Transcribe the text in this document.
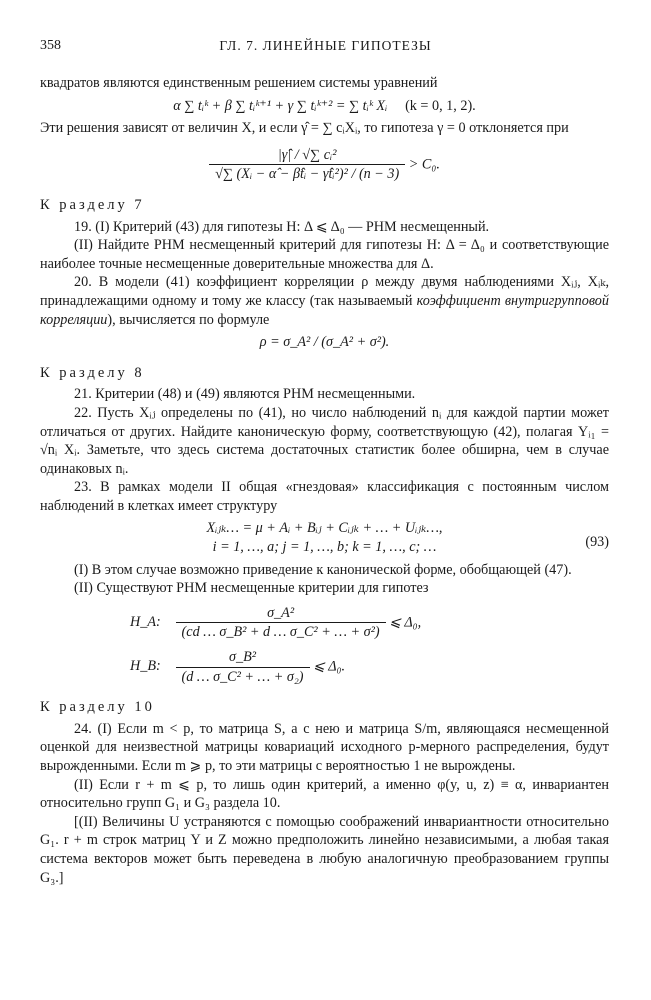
358	ГЛ. 7. ЛИНЕЙНЫЕ ГИПОТЕЗЫ

квадратов являются единственным решением системы уравнений

α ∑ tᵢᵏ + β ∑ tᵢᵏ⁺¹ + γ ∑ tᵢᵏ⁺² = ∑ tᵢᵏ Xᵢ (k = 0, 1, 2).

Эти решения зависят от величин X, и если γ̂ = ∑ cᵢXᵢ, то гипотеза γ = 0 отклоняется при

$\frac{\text{|γ̂| / √∑ cᵢ²}}{\text{√∑ (Xᵢ − α̂ − β̂tᵢ − γ̂tᵢ²)² / (n − 3)}} > C_0$.
К разделу 7

19. (I) Критерий (43) для гипотезы H: Δ ⩽ Δ₀ — РНМ несмещенный.

(II) Найдите РНМ несмещенный критерий для гипотезы H: Δ = Δ₀ и соответствующие наиболее точные несмещенные доверительные множества для Δ.

20. В модели (41) коэффициент корреляции ρ между двумя наблюдениями Xᵢⱼ, Xᵢₖ, принадлежащими одному и тому же классу (так называемый коэффициент внутригрупповой корреляции), вычисляется по формуле

ρ = σ_A² / (σ_A² + σ²).
К разделу 8

21. Критерии (48) и (49) являются РНМ несмещенными.

22. Пусть Xᵢⱼ определены по (41), но число наблюдений nᵢ для каждой партии может отличаться от других. Найдите каноническую форму, соответствующую (42), полагая Yᵢ₁ = √nᵢ Xᵢ. Заметьте, что здесь система достаточных статистик более обширна, чем в случае одинаковых nᵢ.

23. В рамках модели II общая «гнездовая» классификация с постоянным числом наблюдений в клетках имеет структуру

Xᵢⱼₖ… = μ + Aᵢ + Bᵢⱼ + Cᵢⱼₖ + … + Uᵢⱼₖ…,
i = 1, …, a; j = 1, …, b; k = 1, …, c; …	(93)

(I) В этом случае возможно приведение к канонической форме, обобщающей (47).

(II) Существуют РНМ несмещенные критерии для гипотез

H_A: $\frac{\text{σ\_A²}}{\text{(cd … σ\_B² + d … σ\_C² + … + σ²)}}$ ⩽ Δ₀,
H_B: $\frac{\text{σ\_B²}}{\text{(d … σ\_C² + … + σ₂)}}$ ⩽ Δ₀.
К разделу 10

24. (I) Если m < p, то матрица S, а с нею и матрица S/m, являющаяся несмещенной оценкой для неизвестной матрицы ковариаций исходного p-мерного распределения, будут вырожденными. Если m ⩾ p, то эти матрицы с вероятностью 1 не вырождены.

(II) Если r + m ⩽ p, то лишь один критерий, а именно φ(y, u, z) ≡ α, инвариантен относительно групп G₁ и G₃ раздела 10.

[(II) Величины U устраняются с помощью соображений инвариантности относительно G₁. r + m строк матриц Y и Z можно предположить линейно независимыми, а любая такая система векторов может быть переведена в любую аналогичную преобразованием группы G₃.]
